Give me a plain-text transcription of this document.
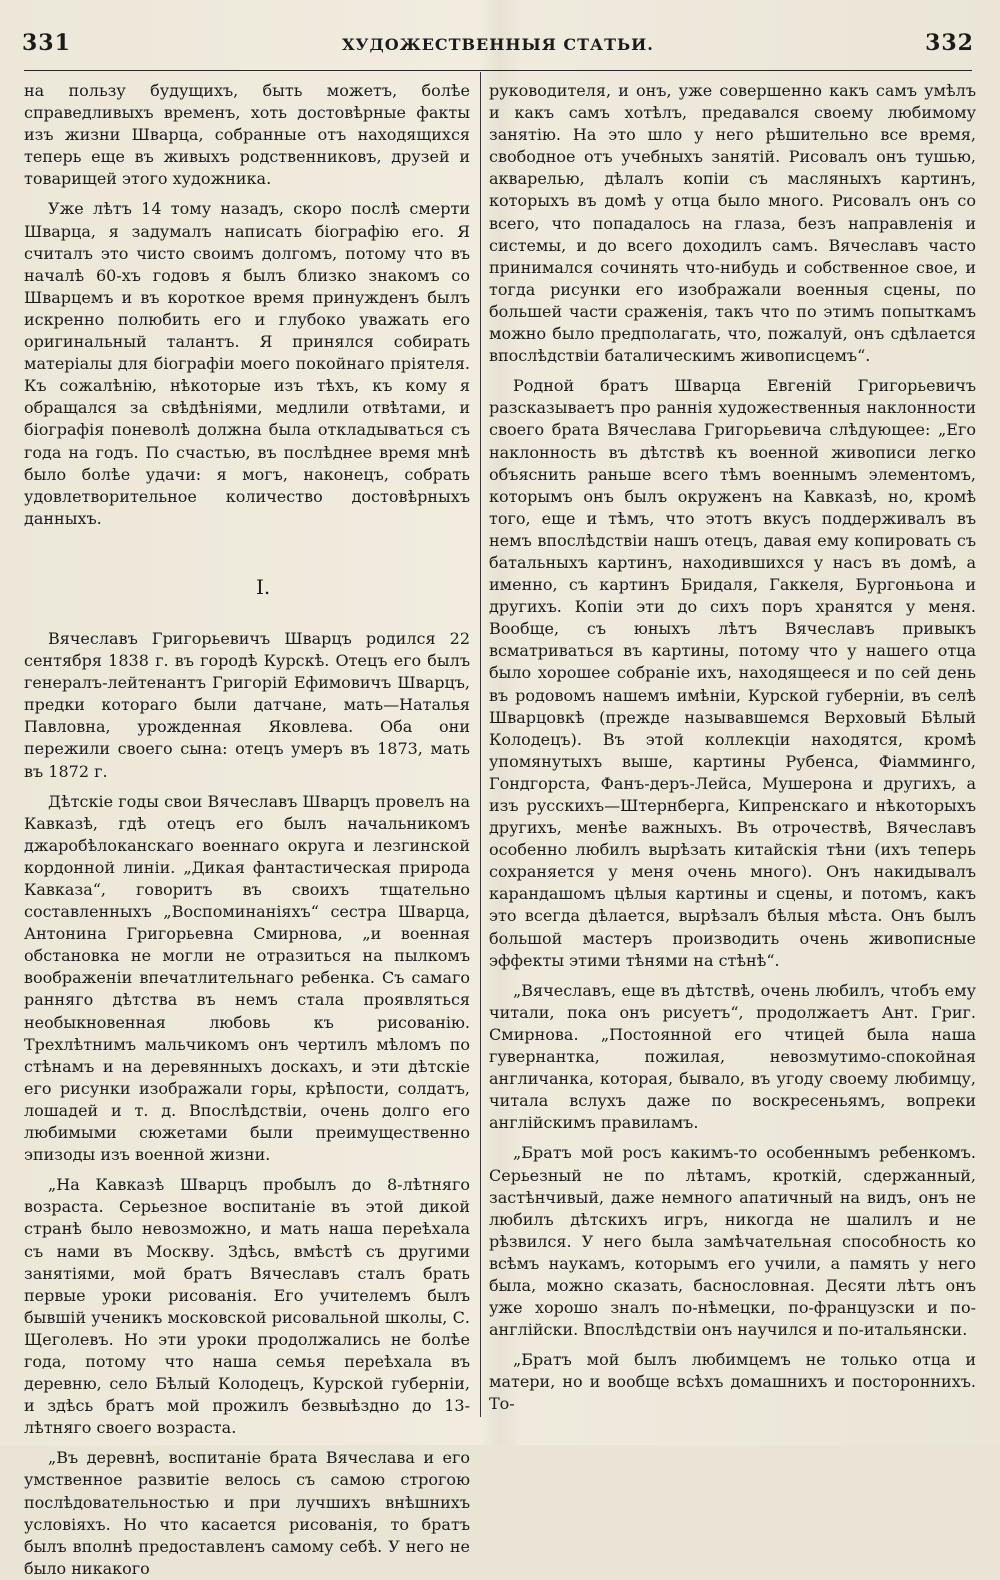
331	ХУДОЖЕСТВЕННЫЯ СТАТЬИ.	332

на пользу будущихъ, быть можетъ, болѣе справедливыхъ временъ, хоть достовѣрные факты изъ жизни Шварца, собранные отъ находящихся теперь еще въ живыхъ родственниковъ, друзей и товарищей этого художника.

Уже лѣтъ 14 тому назадъ, скоро послѣ смерти Шварца, я задумалъ написать біографію его. Я считалъ это чисто своимъ долгомъ, потому что въ началѣ 60-хъ годовъ я былъ близко знакомъ со Шварцемъ и въ короткое время принужденъ былъ искренно полюбить его и глубоко уважать его оригинальный талантъ. Я принялся собирать матеріалы для біографіи моего покойнаго пріятеля. Къ сожалѣнію, нѣкоторые изъ тѣхъ, къ кому я обращался за свѣдѣніями, медлили отвѣтами, и біографія поневолѣ должна была откладываться съ года на годъ. По счастью, въ послѣднее время мнѣ было болѣе удачи: я могъ, наконецъ, собрать удовлетворительное количество достовѣрныхъ данныхъ.

I.

Вячеславъ Григорьевичъ Шварцъ родился 22 сентября 1838 г. въ городѣ Курскѣ. Отецъ его былъ генералъ-лейтенантъ Григорій Ефимовичъ Шварцъ, предки котораго были датчане, мать—Наталья Павловна, урожденная Яковлева. Оба они пережили своего сына: отецъ умеръ въ 1873, мать въ 1872 г.

Дѣтскіе годы свои Вячеславъ Шварцъ провелъ на Кавказѣ, гдѣ отецъ его былъ начальникомъ джаробѣлоканскаго военнаго округа и лезгинской кордонной линіи. „Дикая фантастическая природа Кавказа“, говоритъ въ своихъ тщательно составленныхъ „Воспоминаніяхъ“ сестра Шварца, Антонина Григорьевна Смирнова, „и военная обстановка не могли не отразиться на пылкомъ воображеніи впечатлительнаго ребенка. Съ самаго ранняго дѣтства въ немъ стала проявляться необыкновенная любовь къ рисованію. Трехлѣтнимъ мальчикомъ онъ чертилъ мѣломъ по стѣнамъ и на деревянныхъ доскахъ, и эти дѣтскіе его рисунки изображали горы, крѣпости, солдатъ, лошадей и т. д. Впослѣдствіи, очень долго его любимыми сюжетами были преимущественно эпизоды изъ военной жизни.

„На Кавказѣ Шварцъ пробылъ до 8-лѣтняго возраста. Серьезное воспитаніе въ этой дикой странѣ было невозможно, и мать наша переѣхала съ нами въ Москву. Здѣсь, вмѣстѣ съ другими занятіями, мой братъ Вячеславъ сталъ брать первые уроки рисованія. Его учителемъ былъ бывшій ученикъ московской рисовальной школы, С. Щеголевъ. Но эти уроки продолжались не болѣе года, потому что наша семья переѣхала въ деревню, село Бѣлый Колодецъ, Курской губерніи, и здѣсь братъ мой прожилъ безвыѣздно до 13-лѣтняго своего возраста.

„Въ деревнѣ, воспитаніе брата Вячеслава и его умственное развитіе велось съ самою строгою послѣдовательностью и при лучшихъ внѣшнихъ условіяхъ. Но что касается рисованія, то братъ былъ вполнѣ предоставленъ самому себѣ. У него не было никакого

руководителя, и онъ, уже совершенно какъ самъ умѣлъ и какъ самъ хотѣлъ, предавался своему любимому занятію. На это шло у него рѣшительно все время, свободное отъ учебныхъ занятій. Рисовалъ онъ тушью, акварелью, дѣлалъ копіи съ масляныхъ картинъ, которыхъ въ домѣ у отца было много. Рисовалъ онъ со всего, что попадалось на глаза, безъ направленія и системы, и до всего доходилъ самъ. Вячеславъ часто принимался сочинять что-нибудь и собственное свое, и тогда рисунки его изображали военныя сцены, по большей части сраженія, такъ что по этимъ попыткамъ можно было предполагать, что, пожалуй, онъ сдѣлается впослѣдствіи баталическимъ живописцемъ“.

Родной братъ Шварца Евгеній Григорьевичъ разсказываетъ про раннія художественныя наклонности своего брата Вячеслава Григорьевича слѣдующее: „Его наклонность въ дѣтствѣ къ военной живописи легко объяснить раньше всего тѣмъ военнымъ элементомъ, которымъ онъ былъ окруженъ на Кавказѣ, но, кромѣ того, еще и тѣмъ, что этотъ вкусъ поддерживалъ въ немъ впослѣдствіи нашъ отецъ, давая ему копировать съ батальныхъ картинъ, находившихся у насъ въ домѣ, а именно, съ картинъ Бридаля, Гаккеля, Бургоньона и другихъ. Копіи эти до сихъ поръ хранятся у меня. Вообще, съ юныхъ лѣтъ Вячеславъ привыкъ всматриваться въ картины, потому что у нашего отца было хорошее собраніе ихъ, находящееся и по сей день въ родовомъ нашемъ имѣніи, Курской губерніи, въ селѣ Шварцовкѣ (прежде называвшемся Верховый Бѣлый Колодецъ). Въ этой коллекціи находятся, кромѣ упомянутыхъ выше, картины Рубенса, Фіамминго, Гондгорста, Фанъ-деръ-Лейса, Мушерона и другихъ, а изъ русскихъ—Штернберга, Кипренскаго и нѣкоторыхъ другихъ, менѣе важныхъ. Въ отрочествѣ, Вячеславъ особенно любилъ вырѣзать китайскія тѣни (ихъ теперь сохраняется у меня очень много). Онъ накидывалъ карандашомъ цѣлыя картины и сцены, и потомъ, какъ это всегда дѣлается, вырѣзалъ бѣлыя мѣста. Онъ былъ большой мастеръ производить очень живописные эффекты этими тѣнями на стѣнѣ“.

„Вячеславъ, еще въ дѣтствѣ, очень любилъ, чтобъ ему читали, пока онъ рисуетъ“, продолжаетъ Ант. Григ. Смирнова. „Постоянной его чтицей была наша гувернантка, пожилая, невозмутимо-спокойная англичанка, которая, бывало, въ угоду своему любимцу, читала вслухъ даже по воскресеньямъ, вопреки англійскимъ правиламъ.

„Братъ мой росъ какимъ-то особеннымъ ребенкомъ. Серьезный не по лѣтамъ, кроткій, сдержанный, застѣнчивый, даже немного апатичный на видъ, онъ не любилъ дѣтскихъ игръ, никогда не шалилъ и не рѣзвился. У него была замѣчательная способность ко всѣмъ наукамъ, которымъ его учили, а память у него была, можно сказать, баснословная. Десяти лѣтъ онъ уже хорошо зналъ по-нѣмецки, по-французски и по-англійски. Впослѣдствіи онъ научился и по-итальянски.

„Братъ мой былъ любимцемъ не только отца и матери, но и вообще всѣхъ домашнихъ и постороннихъ. То-
